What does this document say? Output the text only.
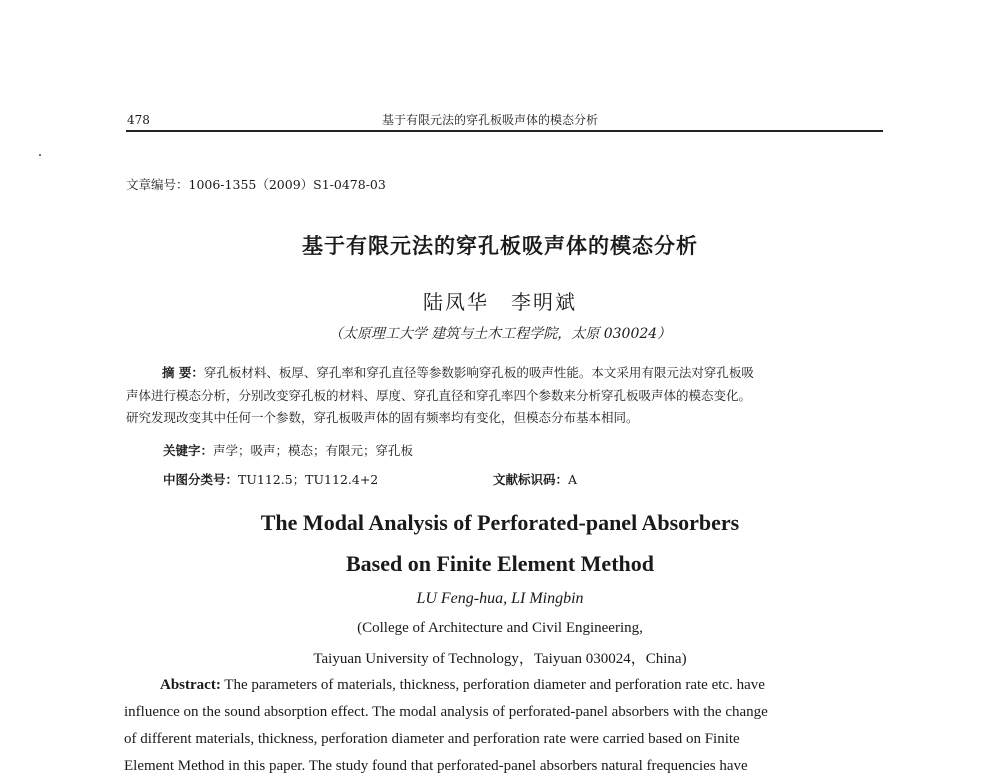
478	基于有限元法的穿孔板吸声体的模态分析
文章编号：1006-1355（2009）S1-0478-03
基于有限元法的穿孔板吸声体的模态分析
陆凤华　李明斌
（太原理工大学 建筑与土木工程学院，太原 030024）
摘 要：穿孔板材料、板厚、穿孔率和穿孔直径等参数影响穿孔板的吸声性能。本文采用有限元法对穿孔板吸
声体进行模态分析，分别改变穿孔板的材料、厚度、穿孔直径和穿孔率四个参数来分析穿孔板吸声体的模态变化。
研究发现改变其中任何一个参数，穿孔板吸声体的固有频率均有变化，但模态分布基本相同。
关键字：声学；吸声；模态；有限元；穿孔板
中图分类号：TU112.5；TU112.4+2	文献标识码：A
The Modal Analysis of Perforated-panel Absorbers
Based on Finite Element Method
LU Feng-hua, LI Mingbin
(College of Architecture and Civil Engineering,
Taiyuan University of Technology，Taiyuan 030024，China)
Abstract: The parameters of materials, thickness, perforation diameter and perforation rate etc. have
influence on the sound absorption effect. The modal analysis of perforated-panel absorbers with the change
of different materials, thickness, perforation diameter and perforation rate were carried based on Finite
Element Method in this paper. The study found that perforated-panel absorbers natural frequencies have
